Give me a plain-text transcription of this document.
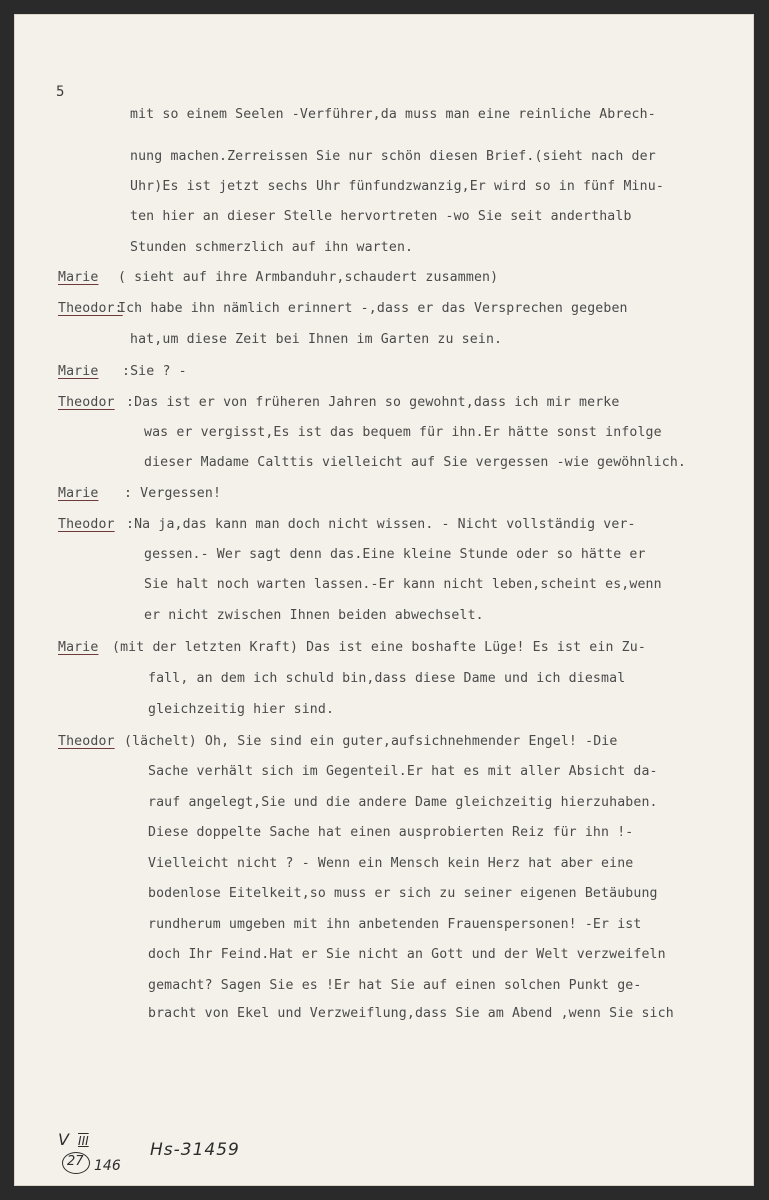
5
mit so einem Seelen -Verführer,da muss man eine reinliche Abrech-
nung machen.Zerreissen Sie nur schön diesen Brief.(sieht nach der
Uhr)Es ist jetzt sechs Uhr fünfundzwanzig,Er wird so in fünf Minu-
ten hier an dieser Stelle hervortreten -wo Sie seit anderthalb
Stunden schmerzlich auf ihn warten.
Marie ( sieht auf ihre Armbanduhr,schaudert zusammen)
Theodor:
Ich habe ihn nämlich erinnert -,dass er das Versprechen gegeben
hat,um diese Zeit bei Ihnen im Garten zu sein.
Marie :Sie ? -
Theodor :Das ist er von früheren Jahren so gewohnt,dass ich mir merke
was er vergisst,Es ist das bequem für ihn.Er hätte sonst infolge
dieser Madame Calttis vielleicht auf Sie vergessen -wie gewöhnlich.
Marie : Vergessen!
Theodor :Na ja,das kann man doch nicht wissen. - Nicht vollständig ver-
gessen.- Wer sagt denn das.Eine kleine Stunde oder so hätte er
Sie halt noch warten lassen.-Er kann nicht leben,scheint es,wenn
er nicht zwischen Ihnen beiden abwechselt.
Marie (mit der letzten Kraft) Das ist eine boshafte Lüge! Es ist ein Zu-
fall, an dem ich schuld bin,dass diese Dame und ich diesmal
gleichzeitig hier sind.
Theodor (lächelt) Oh, Sie sind ein guter,aufsichnehmender Engel! -Die
Sache verhält sich im Gegenteil.Er hat es mit aller Absicht da-
rauf angelegt,Sie und die andere Dame gleichzeitig hierzuhaben.
Diese doppelte Sache hat einen ausprobierten Reiz für ihn !-
Vielleicht nicht ? - Wenn ein Mensch kein Herz hat aber eine
bodenlose Eitelkeit,so muss er sich zu seiner eigenen Betäubung
rundherum umgeben mit ihn anbetenden Frauenspersonen! -Er ist
doch Ihr Feind.Hat er Sie nicht an Gott und der Welt verzweifeln
gemacht? Sagen Sie es !Er hat Sie auf einen solchen Punkt ge-
bracht von Ekel und Verzweiflung,dass Sie am Abend ,wenn Sie sich
V III
27 146
Hs-31459
